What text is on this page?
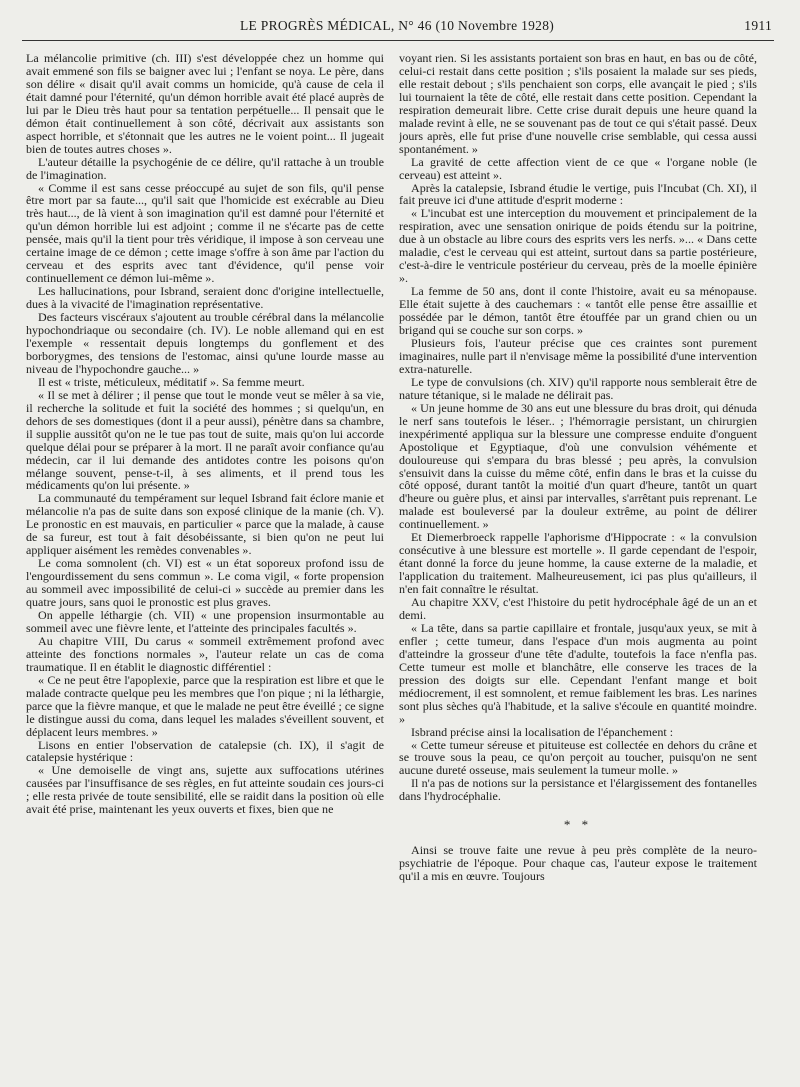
LE PROGRÈS MÉDICAL, N° 46 (10 Novembre 1928)	1911

La mélancolie primitive (ch. III) s'est développée chez un homme qui avait emmené son fils se baigner avec lui ; l'enfant se noya. Le père, dans son délire « disait qu'il avait comms un homicide, qu'à cause de cela il était damné pour l'éternité, qu'un démon horrible avait été placé auprès de lui par le Dieu très haut pour sa tentation perpétuelle... Il pensait que le démon était continuellement à son côté, décrivait aux assistants son aspect horrible, et s'étonnait que les autres ne le voient point... Il jugeait bien de toutes autres choses ».

L'auteur détaille la psychogénie de ce délire, qu'il rattache à un trouble de l'imagination.

« Comme il est sans cesse préoccupé au sujet de son fils, qu'il pense être mort par sa faute..., qu'il sait que l'homicide est exécrable au Dieu très haut..., de là vient à son imagination qu'il est damné pour l'éternité et qu'un démon horrible lui est adjoint ; comme il ne s'écarte pas de cette pensée, mais qu'il la tient pour très véridique, il impose à son cerveau une certaine image de ce démon ; cette image s'offre à son âme par l'action du cerveau et des esprits avec tant d'évidence, qu'il pense voir continuellement ce démon lui-même ».

Les hallucinations, pour Isbrand, seraient donc d'origine intellectuelle, dues à la vivacité de l'imagination représentative.

Des facteurs viscéraux s'ajoutent au trouble cérébral dans la mélancolie hypochondriaque ou secondaire (ch. IV). Le noble allemand qui en est l'exemple « ressentait depuis longtemps du gonflement et des borborygmes, des tensions de l'estomac, ainsi qu'une lourde masse au niveau de l'hypochondre gauche... »

Il est « triste, méticuleux, méditatif ». Sa femme meurt.

« Il se met à délirer ; il pense que tout le monde veut se mêler à sa vie, il recherche la solitude et fuit la société des hommes ; si quelqu'un, en dehors de ses domestiques (dont il a peur aussi), pénètre dans sa chambre, il supplie aussitôt qu'on ne le tue pas tout de suite, mais qu'on lui accorde quelque délai pour se préparer à la mort. Il ne paraît avoir confiance qu'au médecin, car il lui demande des antidotes contre les poisons qu'on mélange souvent, pense-t-il, à ses aliments, et il prend tous les médicaments qu'on lui présente. »

La communauté du tempérament sur lequel Isbrand fait éclore manie et mélancolie n'a pas de suite dans son exposé clinique de la manie (ch. V). Le pronostic en est mauvais, en particulier « parce que la malade, à cause de sa fureur, est tout à fait désobéissante, si bien qu'on ne peut lui appliquer aisément les remèdes convenables ».

Le coma somnolent (ch. VI) est « un état soporeux profond issu de l'engourdissement du sens commun ». Le coma vigil, « forte propension au sommeil avec impossibilité de celui-ci » succède au premier dans les quatre jours, sans quoi le pronostic est plus graves.

On appelle léthargie (ch. VII) « une propension insurmontable au sommeil avec une fièvre lente, et l'atteinte des principales facultés ».

Au chapitre VIII, Du carus « sommeil extrêmement profond avec atteinte des fonctions normales », l'auteur relate un cas de coma traumatique. Il en établit le diagnostic différentiel :

« Ce ne peut être l'apoplexie, parce que la respiration est libre et que le malade contracte quelque peu les membres que l'on pique ; ni la léthargie, parce que la fièvre manque, et que le malade ne peut être éveillé ; ce signe le distingue aussi du coma, dans lequel les malades s'éveillent souvent, et déplacent leurs membres. »

Lisons en entier l'observation de catalepsie (ch. IX), il s'agit de catalepsie hystérique :

« Une demoiselle de vingt ans, sujette aux suffocations utérines causées par l'insuffisance de ses règles, en fut atteinte soudain ces jours-ci ; elle resta privée de toute sensibilité, elle se raidit dans la position où elle avait été prise, maintenant les yeux ouverts et fixes, bien que ne

voyant rien. Si les assistants portaient son bras en haut, en bas ou de côté, celui-ci restait dans cette position ; s'ils posaient la malade sur ses pieds, elle restait debout ; s'ils penchaient son corps, elle avançait le pied ; s'ils lui tournaient la tête de côté, elle restait dans cette position. Cependant la respiration demeurait libre. Cette crise durait depuis une heure quand la malade revint à elle, ne se souvenant pas de tout ce qui s'était passé. Deux jours après, elle fut prise d'une nouvelle crise semblable, qui cessa aussi spontanément. »

La gravité de cette affection vient de ce que « l'organe noble (le cerveau) est atteint ».

Après la catalepsie, Isbrand étudie le vertige, puis l'Incubat (Ch. XI), il fait preuve ici d'une attitude d'esprit moderne :

« L'incubat est une interception du mouvement et principalement de la respiration, avec une sensation onirique de poids étendu sur la poitrine, due à un obstacle au libre cours des esprits vers les nerfs. »... « Dans cette maladie, c'est le cerveau qui est atteint, surtout dans sa partie postérieure, c'est-à-dire le ventricule postérieur du cerveau, près de la moelle épinière ».

La femme de 50 ans, dont il conte l'histoire, avait eu sa ménopause. Elle était sujette à des cauchemars : « tantôt elle pense être assaillie et possédée par le démon, tantôt être étouffée par un grand chien ou un brigand qui se couche sur son corps. »

Plusieurs fois, l'auteur précise que ces craintes sont purement imaginaires, nulle part il n'envisage même la possibilité d'une intervention extra-naturelle.

Le type de convulsions (ch. XIV) qu'il rapporte nous semblerait être de nature tétanique, si le malade ne délirait pas.

« Un jeune homme de 30 ans eut une blessure du bras droit, qui dénuda le nerf sans toutefois le léser.. ; l'hémorragie persistant, un chirurgien inexpérimenté appliqua sur la blessure une compresse enduite d'onguent Apostolique et Egyptiaque, d'où une convulsion véhémente et douloureuse qui s'empara du bras blessé ; peu après, la convulsion s'ensuivit dans la cuisse du même côté, enfin dans le bras et la cuisse du côté opposé, durant tantôt la moitié d'un quart d'heure, tantôt un quart d'heure ou guère plus, et ainsi par intervalles, s'arrêtant puis reprenant. Le malade est bouleversé par la douleur extrême, au point de délirer continuellement. »

Et Diemerbroeck rappelle l'aphorisme d'Hippocrate : « la convulsion consécutive à une blessure est mortelle ». Il garde cependant de l'espoir, étant donné la force du jeune homme, la cause externe de la maladie, et l'application du traitement. Malheureusement, ici pas plus qu'ailleurs, il n'en fait connaître le résultat.

Au chapitre XXV, c'est l'histoire du petit hydrocéphale âgé de un an et demi.

« La tête, dans sa partie capillaire et frontale, jusqu'aux yeux, se mit à enfler ; cette tumeur, dans l'espace d'un mois augmenta au point d'atteindre la grosseur d'une tête d'adulte, toutefois la face n'enfla pas. Cette tumeur est molle et blanchâtre, elle conserve les traces de la pression des doigts sur elle. Cependant l'enfant mange et boit médiocrement, il est somnolent, et remue faiblement les bras. Les narines sont plus sèches qu'à l'habitude, et la salive s'écoule en quantité moindre. »

Isbrand précise ainsi la localisation de l'épanchement :

« Cette tumeur séreuse et pituiteuse est collectée en dehors du crâne et se trouve sous la peau, ce qu'on perçoit au toucher, puisqu'on ne sent aucune dureté osseuse, mais seulement la tumeur molle. »

Il n'a pas de notions sur la persistance et l'élargissement des fontanelles dans l'hydrocéphalie.

* *

Ainsi se trouve faite une revue à peu près complète de la neuro-psychiatrie de l'époque. Pour chaque cas, l'auteur expose le traitement qu'il a mis en œuvre. Toujours
